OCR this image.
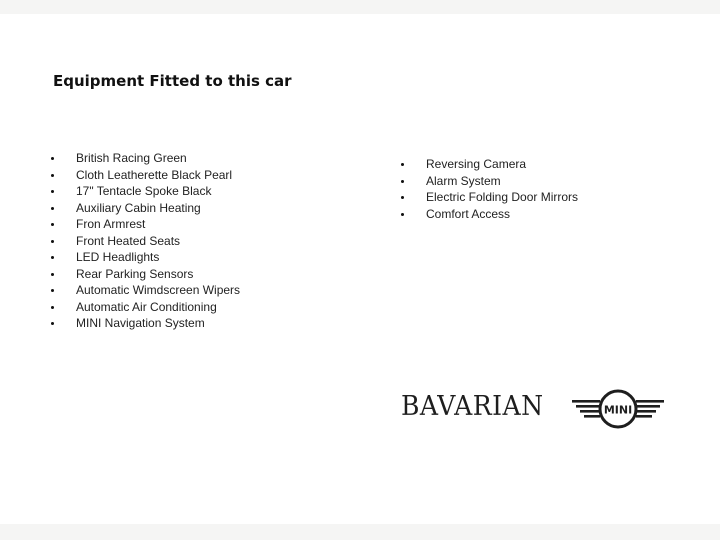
Equipment Fitted to this car
British Racing Green
Cloth Leatherette Black Pearl
17" Tentacle Spoke Black
Auxiliary Cabin Heating
Fron Armrest
Front Heated Seats
LED Headlights
Rear Parking Sensors
Automatic Wimdscreen Wipers
Automatic Air Conditioning
MINI Navigation System
Reversing Camera
Alarm System
Electric Folding Door Mirrors
Comfort Access
BAVARIAN	MINI
